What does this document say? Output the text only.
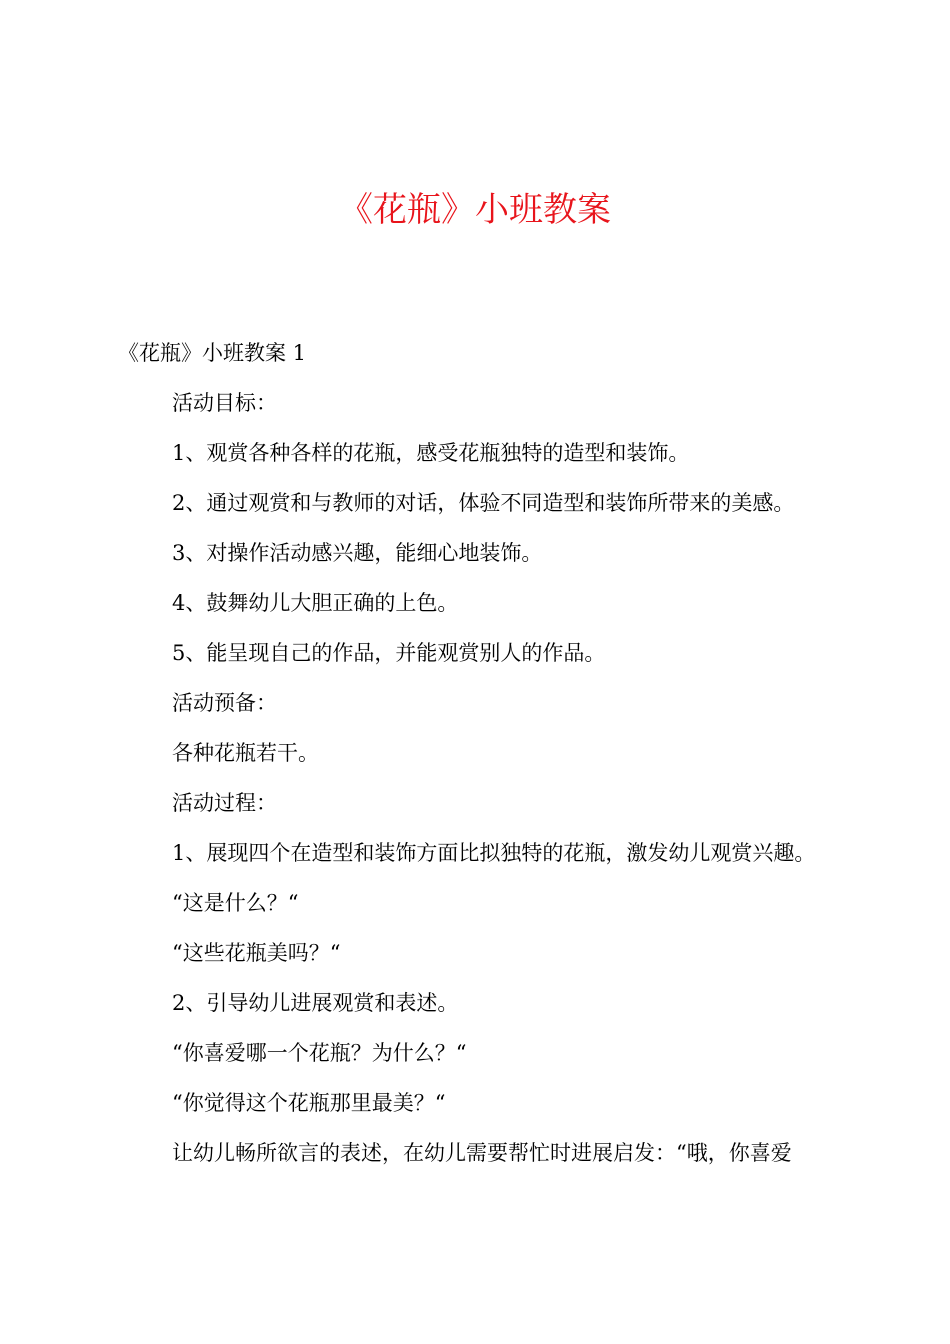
《花瓶》小班教案

《花瓶》小班教案 1

活动目标：
1、观赏各种各样的花瓶，感受花瓶独特的造型和装饰。
2、通过观赏和与教师的对话，体验不同造型和装饰所带来的美感。
3、对操作活动感兴趣，能细心地装饰。
4、鼓舞幼儿大胆正确的上色。
5、能呈现自己的作品，并能观赏别人的作品。
活动预备：
各种花瓶若干。
活动过程：
1、展现四个在造型和装饰方面比拟独特的花瓶，激发幼儿观赏兴趣。
“这是什么？“
“这些花瓶美吗？“
2、引导幼儿进展观赏和表述。
“你喜爱哪一个花瓶？为什么？“
“你觉得这个花瓶那里最美？“
让幼儿畅所欲言的表述，在幼儿需要帮忙时进展启发：“哦，你喜爱
